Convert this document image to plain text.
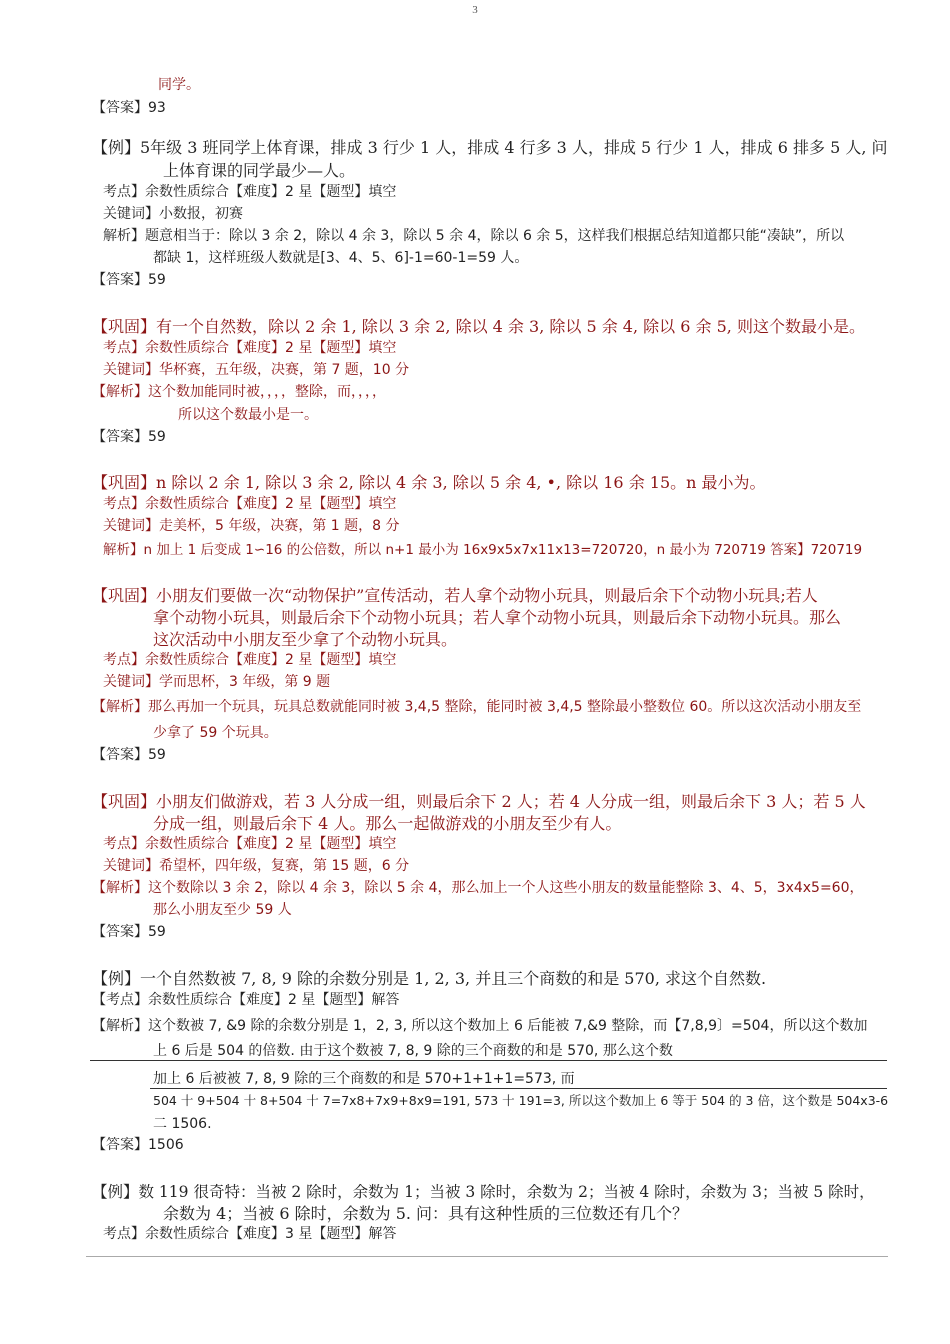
3
同学。
【答案】93
【例】5年级 3 班同学上体育课，排成 3 行少 1 人，排成 4 行多 3 人，排成 5 行少 1 人，排成 6 排多 5 人, 问
上体育课的同学最少—人。
考点】余数性质综合【难度】2 星【题型】填空
关键词】小数报，初赛
解析】题意相当于：除以 3 余 2，除以 4 余 3，除以 5 余 4，除以 6 余 5，这样我们根据总结知道都只能“凑缺”，所以
都缺 1，这样班级人数就是[3、4、5、6]-1=60-1=59 人。
【答案】59
【巩固】有一个自然数，除以 2 余 1, 除以 3 余 2, 除以 4 余 3, 除以 5 余 4, 除以 6 余 5, 则这个数最小是。
考点】余数性质综合【难度】2 星【题型】填空
关键词】华杯赛，五年级，决赛，第 7 题，10 分
【解析】这个数加能同时被，，，，整除，而，，，，
所以这个数最小是一。
【答案】59
【巩固】n 除以 2 余 1, 除以 3 余 2, 除以 4 余 3, 除以 5 余 4, •, 除以 16 余 15。n 最小为。
考点】余数性质综合【难度】2 星【题型】填空
关键词】走美杯，5 年级，决赛，第 1 题，8 分
解析】n 加上 1 后变成 1∽16 的公倍数，所以 n+1 最小为 16x9x5x7x11x13=720720，n 最小为 720719 答案】720719
【巩固】小朋友们要做一次“动物保护”宣传活动，若人拿个动物小玩具，则最后余下个动物小玩具;若人
拿个动物小玩具，则最后余下个动物小玩具；若人拿个动物小玩具，则最后余下动物小玩具。那么
这次活动中小朋友至少拿了个动物小玩具。
考点】余数性质综合【难度】2 星【题型】填空
关键词】学而思杯，3 年级，第 9 题
【解析】那么再加一个玩具，玩具总数就能同时被 3,4,5 整除，能同时被 3,4,5 整除最小整数位 60。所以这次活动小朋友至
少拿了 59 个玩具。
【答案】59
【巩固】小朋友们做游戏，若 3 人分成一组，则最后余下 2 人；若 4 人分成一组，则最后余下 3 人；若 5 人
分成一组，则最后余下 4 人。那么一起做游戏的小朋友至少有人。
考点】余数性质综合【难度】2 星【题型】填空
关键词】希望杯，四年级，复赛，第 15 题，6 分
【解析】这个数除以 3 余 2，除以 4 余 3，除以 5 余 4，那么加上一个人这些小朋友的数量能整除 3、4、5，3x4x5=60，
那么小朋友至少 59 人
【答案】59
【例】一个自然数被 7, 8, 9 除的余数分别是 1, 2, 3, 并且三个商数的和是 570, 求这个自然数.
【考点】余数性质综合【难度】2 星【题型】解答
【解析】这个数被 7, &9 除的余数分别是 1，2, 3, 所以这个数加上 6 后能被 7,&9 整除，而【7,8,9〕=504，所以这个数加
上 6 后是 504 的倍数. 由于这个数被 7, 8, 9 除的三个商数的和是 570, 那么这个数
加上 6 后被被 7, 8, 9 除的三个商数的和是 570+1+1+1=573, 而
504 十 9+504 十 8+504 十 7=7x8+7x9+8x9=191, 573 十 191=3, 所以这个数加上 6 等于 504 的 3 倍，这个数是 504x3-6
二 1506.
【答案】1506
【例】数 119 很奇特：当被 2 除时，余数为 1；当被 3 除时，余数为 2；当被 4 除时，余数为 3；当被 5 除时，
余数为 4；当被 6 除时，余数为 5. 问：具有这种性质的三位数还有几个？
考点】余数性质综合【难度】3 星【题型】解答
